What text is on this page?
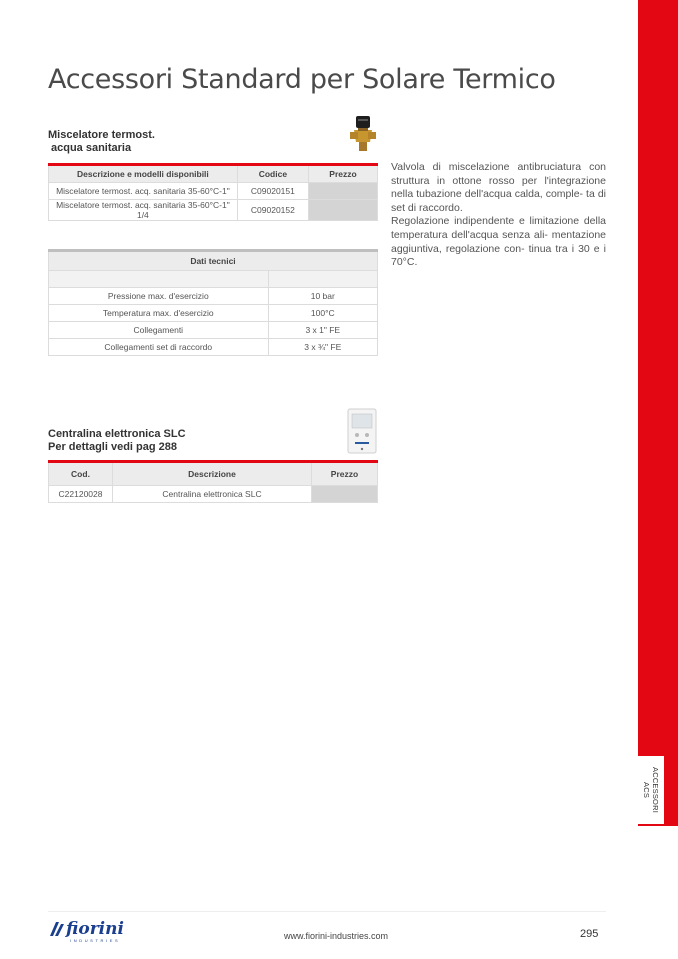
ACCESSORI
ACS
Accessori Standard per Solare Termico
Miscelatore termost.
acqua sanitaria
Descrizione e modelli disponibili	Codice	Prezzo
Miscelatore termost. acq. sanitaria 35-60°C-1"	C09020151	
Miscelatore termost. acq. sanitaria 35-60°C-1" 1/4	C09020152	

Valvola di miscelazione antibruciatura con struttura in ottone rosso per l'integrazione nella tubazione dell'acqua calda, comple- ta di set di raccordo.

Regolazione indipendente e limitazione della temperatura dell'acqua senza ali- mentazione aggiuntiva, regolazione con- tinua tra i 30 e i 70°C.

Dati tecnici	

Pressione max. d'esercizio	10 bar
Temperatura max. d'esercizio	100°C
Collegamenti	3 x 1" FE
Collegamenti set di raccordo	3 x ¾" FE
Centralina elettronica SLC
Per dettagli vedi pag 288
Cod.	Descrizione	Prezzo
C22120028	Centralina elettronica SLC	
fiorini
INDUSTRIES	www.fiorini-industries.com	295
